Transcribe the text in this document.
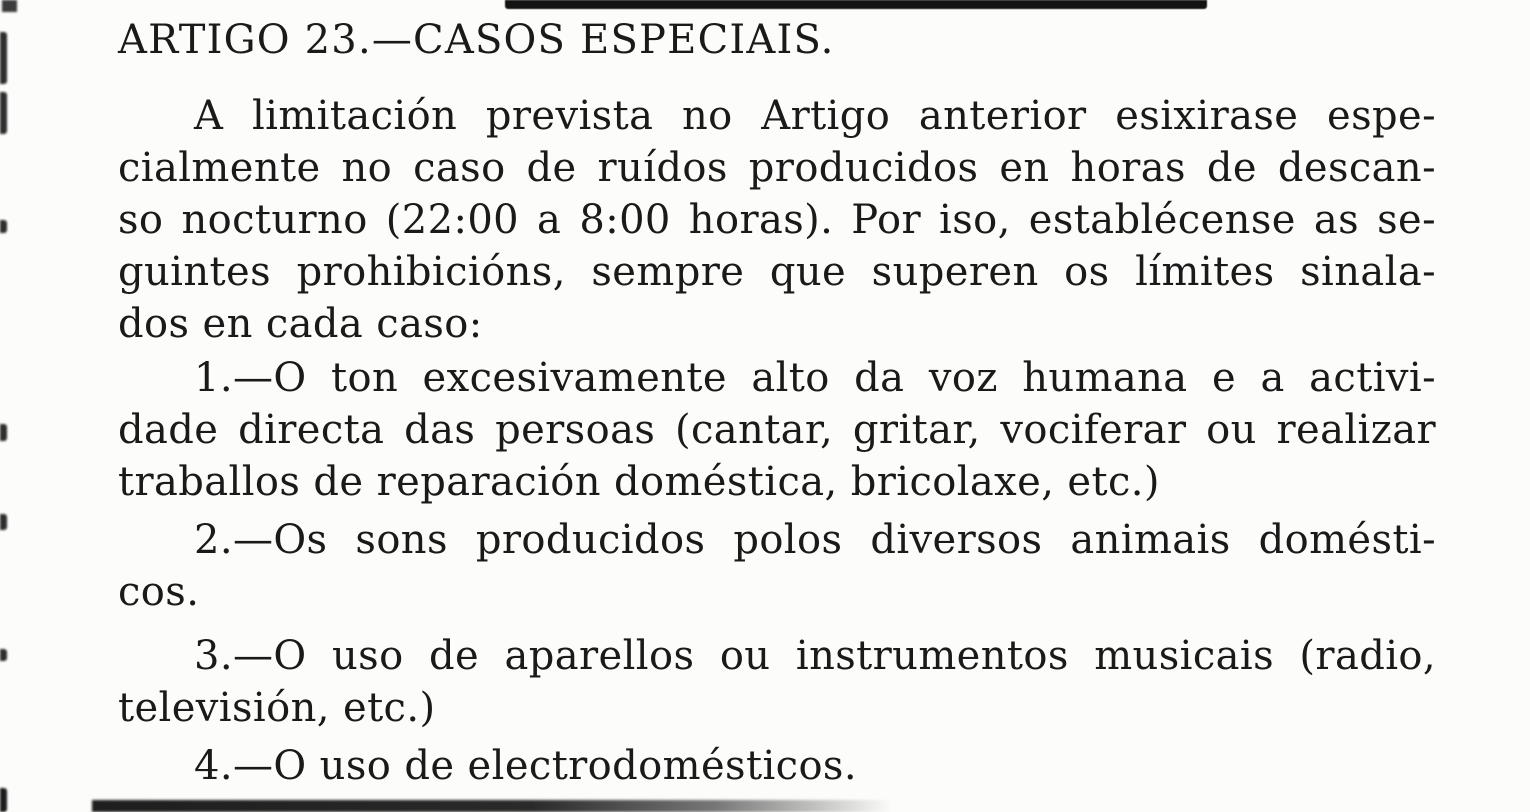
ARTIGO 23.—CASOS ESPECIAIS.
A limitación prevista no Artigo anterior esixirase espe-
cialmente no caso de ruídos producidos en horas de descan-
so nocturno (22:00 a 8:00 horas). Por iso, establécense as se-
guintes prohibicións, sempre que superen os límites sinala-
dos en cada caso:
1.—O ton excesivamente alto da voz humana e a activi-
dade directa das persoas (cantar, gritar, vociferar ou realizar
traballos de reparación doméstica, bricolaxe, etc.)
2.—Os sons producidos polos diversos animais domésti-
cos.
3.—O uso de aparellos ou instrumentos musicais (radio,
televisión, etc.)
4.—O uso de electrodomésticos.
